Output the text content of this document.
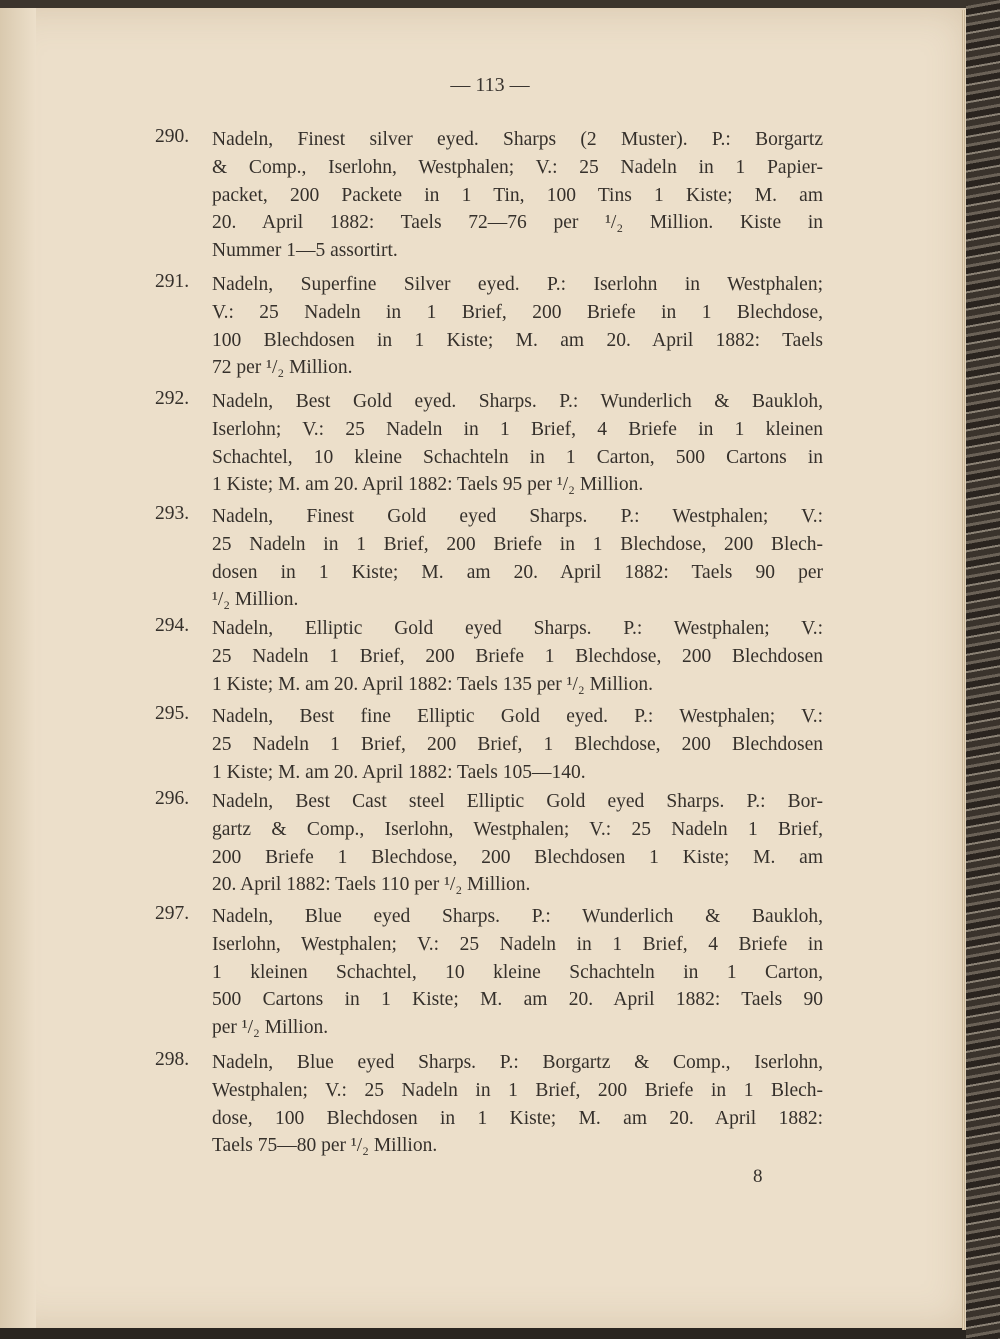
— 113 —
290.	Nadeln, Finest silver eyed. Sharps (2 Muster). P.: Borgartz
& Comp., Iserlohn, Westphalen; V.: 25 Nadeln in 1 Papier-
packet, 200 Packete in 1 Tin, 100 Tins 1 Kiste; M. am
20. April 1882: Taels 72—76 per ¹/₂ Million. Kiste in
Nummer 1—5 assortirt.
291.	Nadeln, Superfine Silver eyed. P.: Iserlohn in Westphalen;
V.: 25 Nadeln in 1 Brief, 200 Briefe in 1 Blechdose,
100 Blechdosen in 1 Kiste; M. am 20. April 1882: Taels
72 per ¹/₂ Million.
292.	Nadeln, Best Gold eyed. Sharps. P.: Wunderlich & Baukloh,
Iserlohn; V.: 25 Nadeln in 1 Brief, 4 Briefe in 1 kleinen
Schachtel, 10 kleine Schachteln in 1 Carton, 500 Cartons in
1 Kiste; M. am 20. April 1882: Taels 95 per ¹/₂ Million.
293.	Nadeln, Finest Gold eyed Sharps. P.: Westphalen; V.:
25 Nadeln in 1 Brief, 200 Briefe in 1 Blechdose, 200 Blech-
dosen in 1 Kiste; M. am 20. April 1882: Taels 90 per
¹/₂ Million.
294.	Nadeln, Elliptic Gold eyed Sharps. P.: Westphalen; V.:
25 Nadeln 1 Brief, 200 Briefe 1 Blechdose, 200 Blechdosen
1 Kiste; M. am 20. April 1882: Taels 135 per ¹/₂ Million.
295.	Nadeln, Best fine Elliptic Gold eyed. P.: Westphalen; V.:
25 Nadeln 1 Brief, 200 Brief, 1 Blechdose, 200 Blechdosen
1 Kiste; M. am 20. April 1882: Taels 105—140.
296.	Nadeln, Best Cast steel Elliptic Gold eyed Sharps. P.: Bor-
gartz & Comp., Iserlohn, Westphalen; V.: 25 Nadeln 1 Brief,
200 Briefe 1 Blechdose, 200 Blechdosen 1 Kiste; M. am
20. April 1882: Taels 110 per ¹/₂ Million.
297.	Nadeln, Blue eyed Sharps. P.: Wunderlich & Baukloh,
Iserlohn, Westphalen; V.: 25 Nadeln in 1 Brief, 4 Briefe in
1 kleinen Schachtel, 10 kleine Schachteln in 1 Carton,
500 Cartons in 1 Kiste; M. am 20. April 1882: Taels 90
per ¹/₂ Million.
298.	Nadeln, Blue eyed Sharps. P.: Borgartz & Comp., Iserlohn,
Westphalen; V.: 25 Nadeln in 1 Brief, 200 Briefe in 1 Blech-
dose, 100 Blechdosen in 1 Kiste; M. am 20. April 1882:
Taels 75—80 per ¹/₂ Million.
8
